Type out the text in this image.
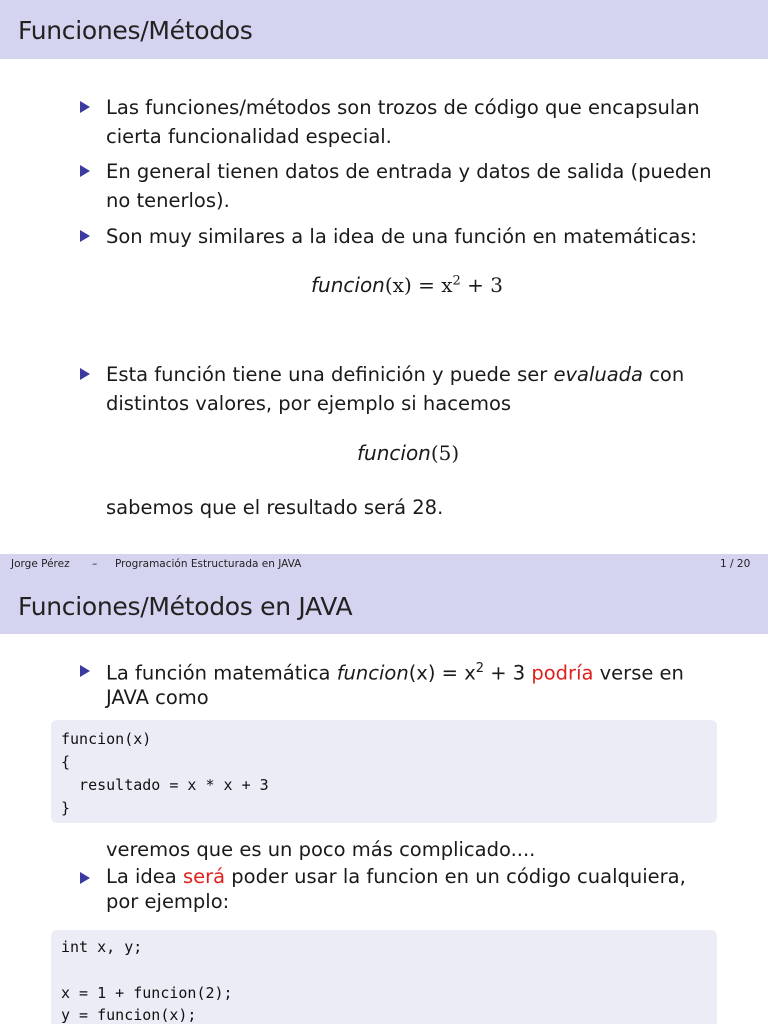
Funciones/Métodos
Las funciones/métodos son trozos de código que encapsulan
cierta funcionalidad especial.
En general tienen datos de entrada y datos de salida (pueden
no tenerlos).
Son muy similares a la idea de una función en matemáticas:
funcion(x) = $x^2 + 3$
Esta función tiene una definición y puede ser evaluada con
distintos valores, por ejemplo si hacemos
funcion(5)
sabemos que el resultado será 28.
Jorge Pérez – Programación Estructurada en JAVA	1 / 20
Funciones/Métodos en JAVA
La función matemática funcion(x) = $x^2 + 3$ podría verse en
JAVA como
funcion(x)
{
resultado = x * x + 3
}
veremos que es un poco más complicado....
La idea será poder usar la funcion en un código cualquiera,
por ejemplo:
int x, y;
x = 1 + funcion(2);
y = funcion(x);
